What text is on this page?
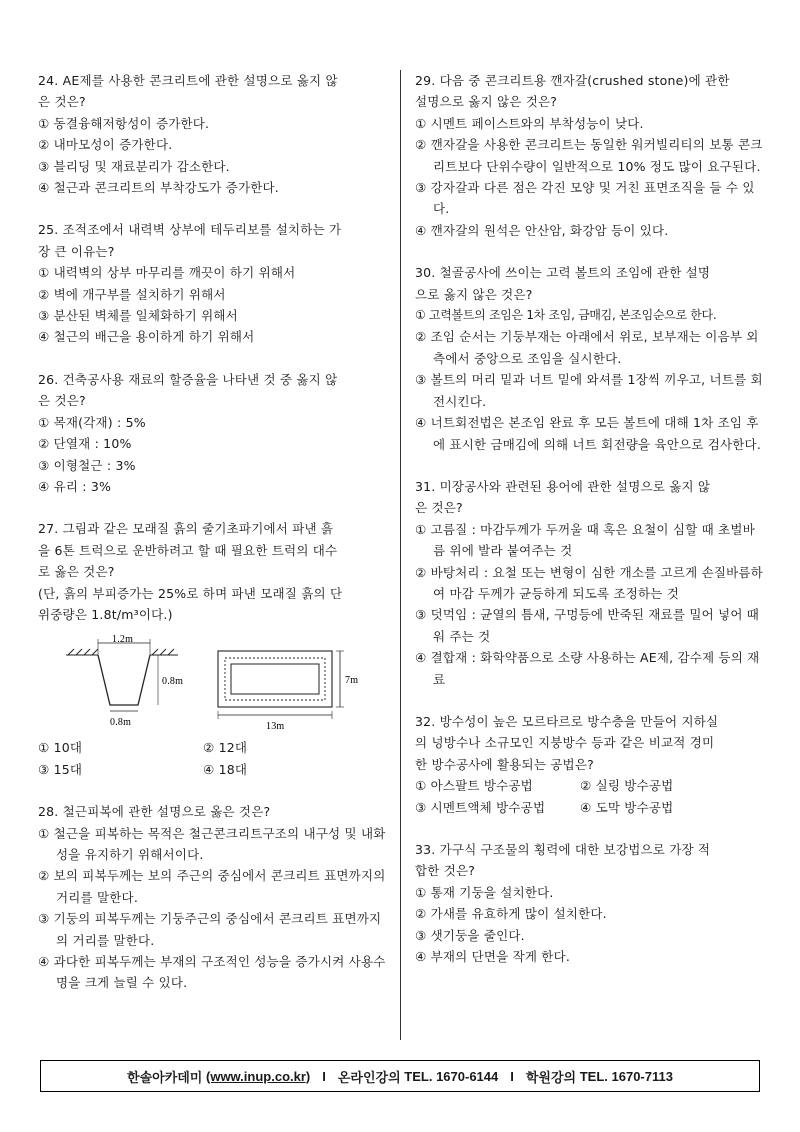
24. AE제를 사용한 콘크리트에 관한 설명으로 옳지 않

은 것은?

① 동결융해저항성이 증가한다.
② 내마모성이 증가한다.
③ 블리딩 및 재료분리가 감소한다.
④ 철근과 콘크리트의 부착강도가 증가한다.

25. 조적조에서 내력벽 상부에 테두리보를 설치하는 가

장 큰 이유는?

① 내력벽의 상부 마무리를 깨끗이 하기 위해서
② 벽에 개구부를 설치하기 위해서
③ 분산된 벽체를 일체화하기 위해서
④ 철근의 배근을 용이하게 하기 위해서

26. 건축공사용 재료의 할증율을 나타낸 것 중 옳지 않

은 것은?

① 목재(각재) : 5%
② 단열재 : 10%
③ 이형철근 : 3%
④ 유리 : 3%

27. 그림과 같은 모래질 흙의 줄기초파기에서 파낸 흙

을 6톤 트럭으로 운반하려고 할 때 필요한 트럭의 대수

로 옳은 것은?

(단, 흙의 부피증가는 25%로 하며 파낸 모래질 흙의 단

위중량은 1.8t/m³이다.)

1.2m
0.8m
0.8m	13m
7m
① 10대	② 12대
③ 15대	④ 18대

28. 철근피복에 관한 설명으로 옳은 것은?

① 철근을 피복하는 목적은 철근콘크리트구조의 내구성 및 내화성을 유지하기 위해서이다.
② 보의 피복두께는 보의 주근의 중심에서 콘크리트 표면까지의 거리를 말한다.
③ 기둥의 피복두께는 기둥주근의 중심에서 콘크리트 표면까지의 거리를 말한다.
④ 과다한 피복두께는 부재의 구조적인 성능을 증가시켜 사용수명을 크게 늘릴 수 있다.

29. 다음 중 콘크리트용 깬자갈(crushed stone)에 관한

설명으로 옳지 않은 것은?

① 시멘트 페이스트와의 부착성능이 낮다.
② 깬자갈을 사용한 콘크리트는 동일한 워커빌리티의 보통 콘크리트보다 단위수량이 일반적으로 10% 정도 많이 요구된다.
③ 강자갈과 다른 점은 각진 모양 및 거친 표면조직을 들 수 있다.
④ 깬자갈의 원석은 안산암, 화강암 등이 있다.

30. 철골공사에 쓰이는 고력 볼트의 조임에 관한 설명

으로 옳지 않은 것은?

① 고력볼트의 조임은 1차 조임, 금매김, 본조임순으로 한다.
② 조임 순서는 기둥부재는 아래에서 위로, 보부재는 이음부 외측에서 중앙으로 조임을 실시한다.
③ 볼트의 머리 밑과 너트 밑에 와셔를 1장씩 끼우고, 너트를 회전시킨다.
④ 너트회전법은 본조임 완료 후 모든 볼트에 대해 1차 조임 후에 표시한 금매김에 의해 너트 회전량을 육안으로 검사한다.

31. 미장공사와 관련된 용어에 관한 설명으로 옳지 않

은 것은?

① 고름질 : 마감두께가 두꺼울 때 혹은 요철이 심할 때 초벌바름 위에 발라 붙여주는 것
② 바탕처리 : 요철 또는 변형이 심한 개소를 고르게 손질바름하여 마감 두께가 균등하게 되도록 조정하는 것
③ 덧먹임 : 균열의 틈새, 구멍등에 반죽된 재료를 밀어 넣어 때워 주는 것
④ 결합재 : 화학약품으로 소량 사용하는 AE제, 감수제 등의 재료

32. 방수성이 높은 모르타르로 방수층을 만들어 지하실

의 넝방수나 소규모인 지붕방수 등과 같은 비교적 경미

한 방수공사에 활용되는 공법은?

① 아스팔트 방수공법	② 실링 방수공법
③ 시멘트액체 방수공법	④ 도막 방수공법

33. 가구식 구조물의 횡력에 대한 보강법으로 가장 적

합한 것은?

① 통재 기둥을 설치한다.
② 가새를 유효하게 많이 설치한다.
③ 샛기둥을 줄인다.
④ 부재의 단면을 작게 한다.
한솔아카데미
(www.inup.co.kr) I 온라인강의
TEL. 1670-6144 I 학원강의
TEL. 1670-7113
